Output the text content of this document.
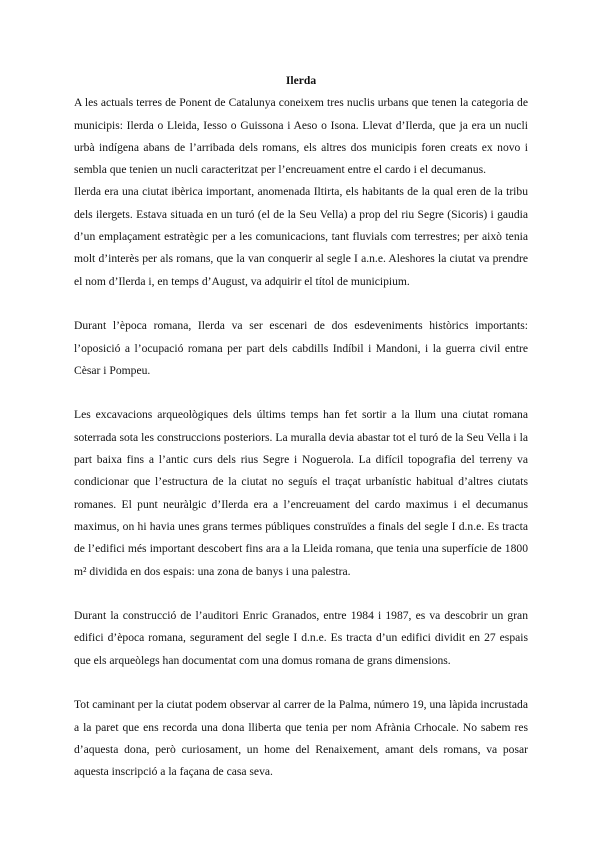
Ilerda

A les actuals terres de Ponent de Catalunya coneixem tres nuclis urbans que tenen la categoria de municipis: Ilerda o Lleida, Iesso o Guissona i Aeso o Isona. Llevat d’Ilerda, que ja era un nucli urbà indígena abans de l’arribada dels romans, els altres dos municipis foren creats ex novo i sembla que tenien un nucli caracteritzat per l’encreuament entre el cardo i el decumanus.

Ilerda era una ciutat ibèrica important, anomenada Iltirta, els habitants de la qual eren de la tribu dels ilergets. Estava situada en un turó (el de la Seu Vella) a prop del riu Segre (Sicoris) i gaudia d’un emplaçament estratègic per a les comunicacions, tant fluvials com terrestres; per això tenia molt d’interès per als romans, que la van conquerir al segle I a.n.e. Aleshores la ciutat va prendre el nom d’Ilerda i, en temps d’August, va adquirir el títol de municipium.

Durant l’època romana, Ilerda va ser escenari de dos esdeveniments històrics importants: l’oposició a l’ocupació romana per part dels cabdills Indíbil i Mandoni, i la guerra civil entre Cèsar i Pompeu.

Les excavacions arqueològiques dels últims temps han fet sortir a la llum una ciutat romana soterrada sota les construccions posteriors. La muralla devia abastar tot el turó de la Seu Vella i la part baixa fins a l’antic curs dels rius Segre i Noguerola. La difícil topografia del terreny va condicionar que l’estructura de la ciutat no seguís el traçat urbanístic habitual d’altres ciutats romanes. El punt neuràlgic d’Ilerda era a l’encreuament del cardo maximus i el decumanus maximus, on hi havia unes grans termes públiques construïdes a finals del segle I d.n.e. Es tracta de l’edifici més important descobert fins ara a la Lleida romana, que tenia una superfície de 1800 m² dividida en dos espais: una zona de banys i una palestra.

Durant la construcció de l’auditori Enric Granados, entre 1984 i 1987, es va descobrir un gran edifici d’època romana, segurament del segle I d.n.e. Es tracta d’un edifici dividit en 27 espais que els arqueòlegs han documentat com una domus romana de grans dimensions.

Tot caminant per la ciutat podem observar al carrer de la Palma, número 19, una làpida incrustada a la paret que ens recorda una dona lliberta que tenia per nom Afrània Crhocale. No sabem res d’aquesta dona, però curiosament, un home del Renaixement, amant dels romans, va posar aquesta inscripció a la façana de casa seva.
